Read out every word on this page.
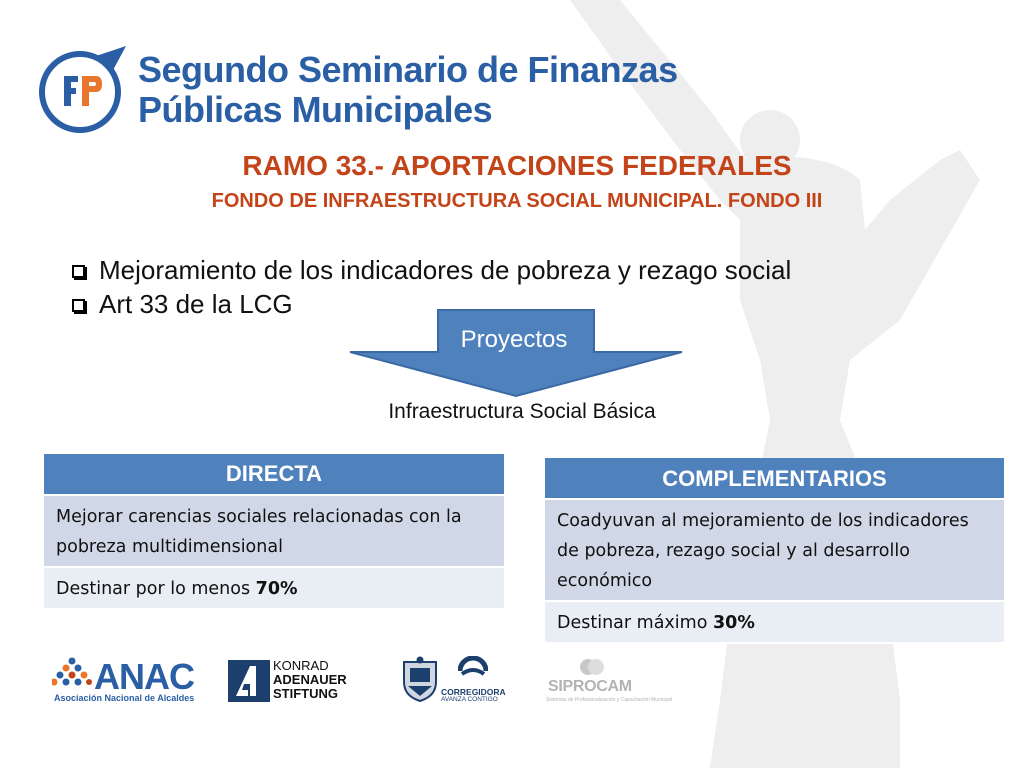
Segundo Seminario de Finanzas
Públicas Municipales
RAMO 33.- APORTACIONES FEDERALES
FONDO DE INFRAESTRUCTURA SOCIAL MUNICIPAL. FONDO III
Mejoramiento de los indicadores de pobreza y rezago social
Art 33 de la LCG
Proyectos
Infraestructura Social Básica
DIRECTA
Mejorar carencias sociales relacionadas con la pobreza multidimensional
Destinar por lo menos 70%
COMPLEMENTARIOS
Coadyuvan al mejoramiento de los indicadores de pobreza, rezago social y al desarrollo económico
Destinar máximo 30%
ANAC
Asociación Nacional de Alcaldes
KONRAD
ADENAUER
STIFTUNG	CORREGIDORA
AVANZA CONTIGO
SIPROCAM
Sistemas de Profesionalización y Capacitación Municipal
